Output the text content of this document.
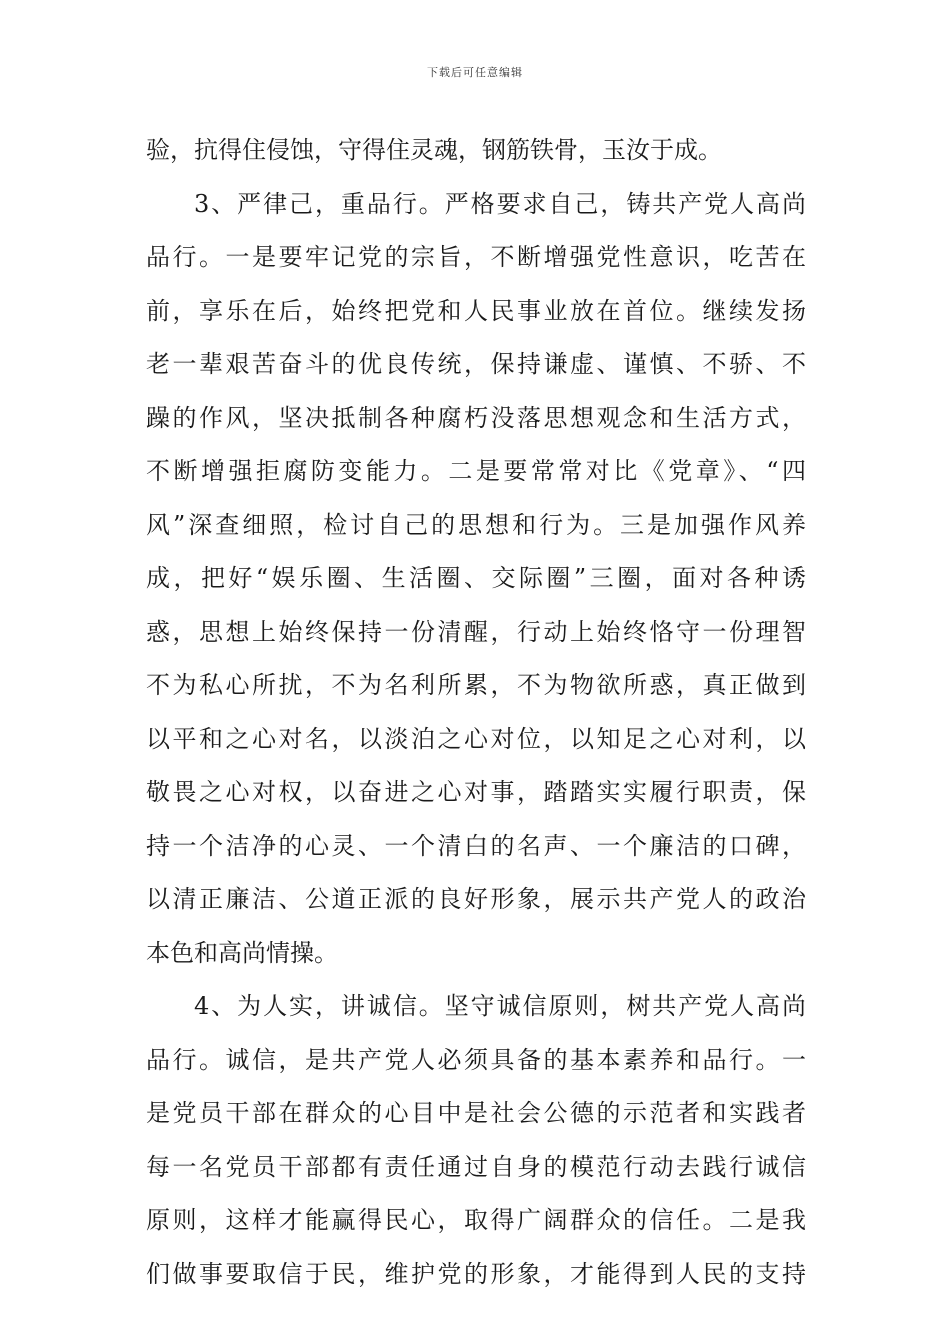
下载后可任意编辑
验，抗得住侵蚀，守得住灵魂，钢筋铁骨，玉汝于成。
3、严律己，重品行。严格要求自己，铸共产党人高尚
品行。一是要牢记党的宗旨，不断增强党性意识，吃苦在
前，享乐在后，始终把党和人民事业放在首位。继续发扬
老一辈艰苦奋斗的优良传统，保持谦虚、谨慎、不骄、不
躁的作风，坚决抵制各种腐朽没落思想观念和生活方式，
不断增强拒腐防变能力。二是要常常对比《党章》、“四
风”深查细照，检讨自己的思想和行为。三是加强作风养
成，把好“娱乐圈、生活圈、交际圈”三圈，面对各种诱
惑，思想上始终保持一份清醒，行动上始终恪守一份理智
不为私心所扰，不为名利所累，不为物欲所惑，真正做到
以平和之心对名，以淡泊之心对位，以知足之心对利，以
敬畏之心对权，以奋进之心对事，踏踏实实履行职责，保
持一个洁净的心灵、一个清白的名声、一个廉洁的口碑，
以清正廉洁、公道正派的良好形象，展示共产党人的政治
本色和高尚情操。
4、为人实，讲诚信。坚守诚信原则，树共产党人高尚
品行。诚信，是共产党人必须具备的基本素养和品行。一
是党员干部在群众的心目中是社会公德的示范者和实践者
每一名党员干部都有责任通过自身的模范行动去践行诚信
原则，这样才能赢得民心，取得广阔群众的信任。二是我
们做事要取信于民，维护党的形象，才能得到人民的支持
